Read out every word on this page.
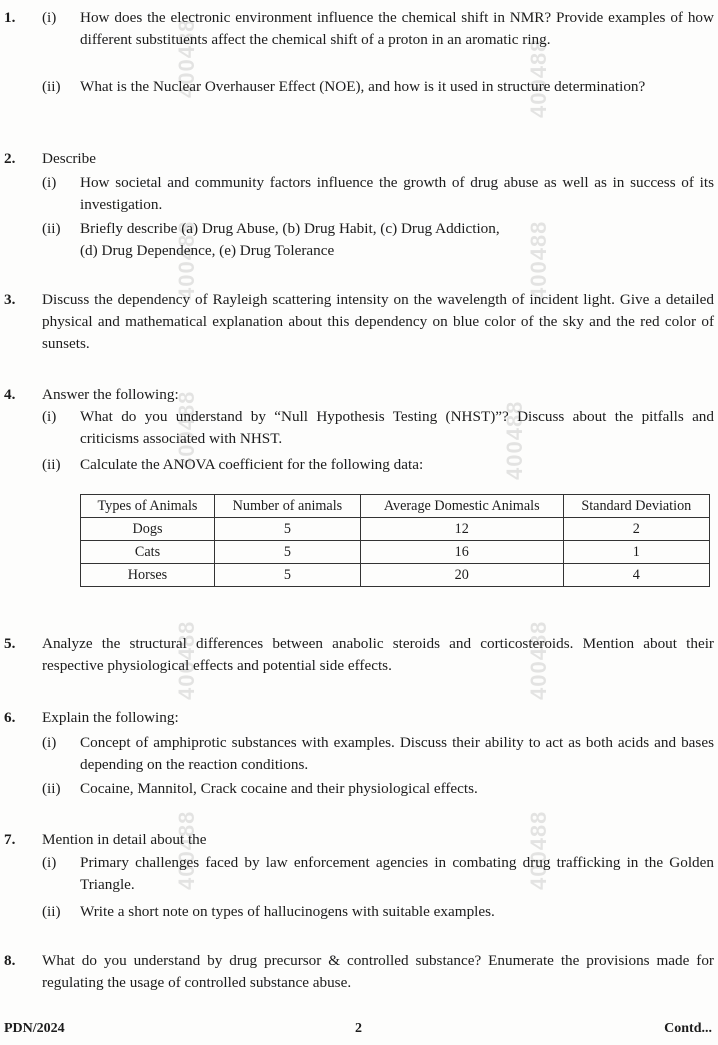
400488	400488
400488	400488
400488	400488
400488	400488
400488	400488
1. (i) How does the electronic environment influence the chemical shift in NMR? Provide examples of how different substituents affect the chemical shift of a proton in an aromatic ring.
(ii) What is the Nuclear Overhauser Effect (NOE), and how is it used in structure determination?
2. Describe
(i) How societal and community factors influence the growth of drug abuse as well as in success of its investigation.
(ii) Briefly describe (a) Drug Abuse, (b) Drug Habit, (c) Drug Addiction,
(d) Drug Dependence, (e) Drug Tolerance
3. Discuss the dependency of Rayleigh scattering intensity on the wavelength of incident light. Give a detailed physical and mathematical explanation about this dependency on blue color of the sky and the red color of sunsets.
4. Answer the following:
(i) What do you understand by “Null Hypothesis Testing (NHST)”? Discuss about the pitfalls and criticisms associated with NHST.
(ii) Calculate the ANOVA coefficient for the following data:
Types of Animals	Number of animals	Average Domestic Animals	Standard Deviation
Dogs	5	12	2
Cats	5	16	1
Horses	5	20	4
5. Analyze the structural differences between anabolic steroids and corticosteroids. Mention about their respective physiological effects and potential side effects.
6. Explain the following:
(i) Concept of amphiprotic substances with examples. Discuss their ability to act as both acids and bases depending on the reaction conditions.
(ii) Cocaine, Mannitol, Crack cocaine and their physiological effects.
7. Mention in detail about the
(i) Primary challenges faced by law enforcement agencies in combating drug trafficking in the Golden Triangle.
(ii) Write a short note on types of hallucinogens with suitable examples.
8. What do you understand by drug precursor & controlled substance? Enumerate the provisions made for regulating the usage of controlled substance abuse.
PDN/2024	2	Contd...
